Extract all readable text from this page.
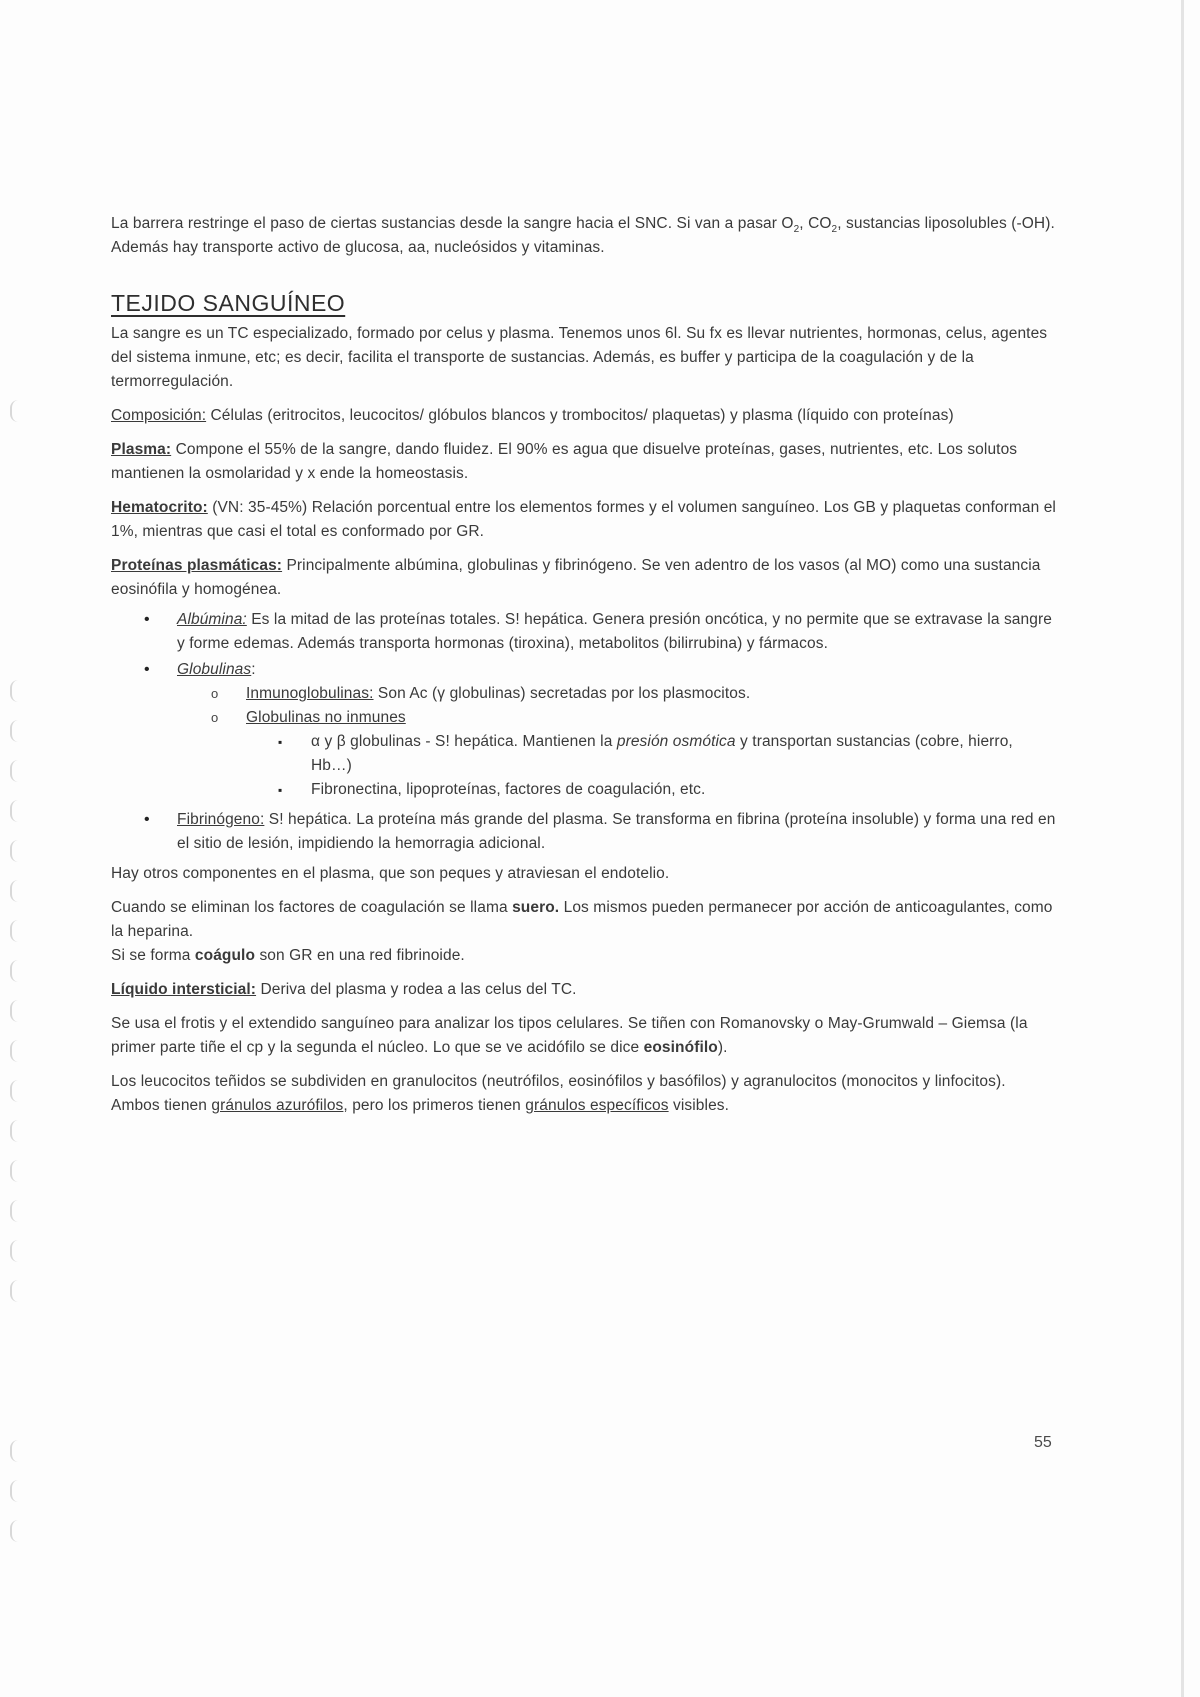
La barrera restringe el paso de ciertas sustancias desde la sangre hacia el SNC. Si van a pasar $O_2$, $CO_2$, sustancias liposolubles (-OH). Además hay transporte activo de glucosa, aa, nucleósidos y vitaminas.

TEJIDO SANGUÍNEO

La sangre es un TC especializado, formado por celus y plasma. Tenemos unos 6l. Su fx es llevar nutrientes, hormonas, celus, agentes del sistema inmune, etc; es decir, facilita el transporte de sustancias. Además, es buffer y participa de la coagulación y de la termorregulación.

Composición: Células (eritrocitos, leucocitos/ glóbulos blancos y trombocitos/ plaquetas) y plasma (líquido con proteínas)

Plasma: Compone el 55% de la sangre, dando fluidez. El 90% es agua que disuelve proteínas, gases, nutrientes, etc. Los solutos mantienen la osmolaridad y x ende la homeostasis.

Hematocrito: (VN: 35-45%) Relación porcentual entre los elementos formes y el volumen sanguíneo. Los GB y plaquetas conforman el 1%, mientras que casi el total es conformado por GR.

Proteínas plasmáticas: Principalmente albúmina, globulinas y fibrinógeno. Se ven adentro de los vasos (al MO) como una sustancia eosinófila y homogénea.

• Albúmina: Es la mitad de las proteínas totales. S! hepática. Genera presión oncótica, y no permite que se extravase la sangre y forme edemas. Además transporta hormonas (tiroxina), metabolitos (bilirrubina) y fármacos.
• Globulinas:
o Inmunoglobulinas: Son Ac (γ globulinas) secretadas por los plasmocitos.
o Globulinas no inmunes
▪ α y β globulinas - S! hepática. Mantienen la presión osmótica y transportan sustancias (cobre, hierro, Hb…)
▪ Fibronectina, lipoproteínas, factores de coagulación, etc.
• Fibrinógeno: S! hepática. La proteína más grande del plasma. Se transforma en fibrina (proteína insoluble) y forma una red en el sitio de lesión, impidiendo la hemorragia adicional.

Hay otros componentes en el plasma, que son peques y atraviesan el endotelio.

Cuando se eliminan los factores de coagulación se llama suero. Los mismos pueden permanecer por acción de anticoagulantes, como la heparina.
Si se forma coágulo son GR en una red fibrinoide.

Líquido intersticial: Deriva del plasma y rodea a las celus del TC.

Se usa el frotis y el extendido sanguíneo para analizar los tipos celulares. Se tiñen con Romanovsky o May-Grumwald – Giemsa (la primer parte tiñe el cp y la segunda el núcleo. Lo que se ve acidófilo se dice eosinófilo).

Los leucocitos teñidos se subdividen en granulocitos (neutrófilos, eosinófilos y basófilos) y agranulocitos (monocitos y linfocitos). Ambos tienen gránulos azurófilos, pero los primeros tienen gránulos específicos visibles.

55
